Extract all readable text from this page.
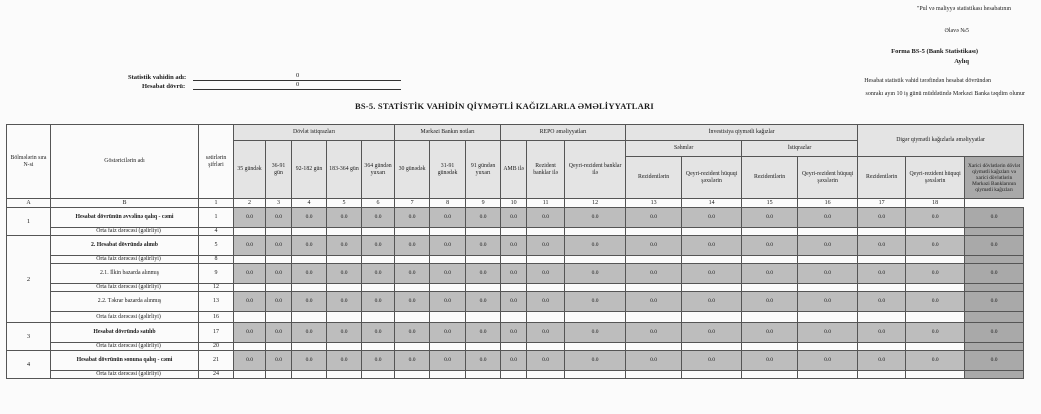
"Pul və maliyyə statistikası hesabatının
Əlavə №5
Forma BS-5 (Bank Statistikası)
Aylıq
Hesabat statistik vahid tərəfindən hesabat dövründən
sonrakı ayın 10 iş günü müddətində Mərkəzi Banka təqdim olunur
Statistik vahidin adı:
Hesabat dövrü:
0
0
BS-5. STATİSTİK VAHİDİN QİYMƏTLİ KAĞIZLARLA ƏMƏLİYYATLARI
Bölmələrin sıra N-si	Göstəricilərin adı	sətirlərin şifrləri	Dövlət istiqrazları					Mərkəzi Bankın notları			REPO əməliyyatları			İnvestisiya qiymətli kağızlar				Digər qiymətli kağızlarla əməliyyatlar		
			35 gündək	36-91 gün	92-182 gün	183-364 gün	364 gündən yuxarı	30 günədək	31-91 günədək	91 gündən yuxarı	AMB ilə	Rezident banklar ilə	Qeyri-rezident banklar ilə	Səhmlər		İstiqrazlar				
														Rezidentlərin	Qeyri-rezident hüquqi şəxslərin	Rezidentlərin	Qeyri-rezident hüquqi şəxslərin	Rezidentlərin	Qeyri-rezident hüquqi şəxslərin	Xarici dövlətlərin dövlət qiymətli kağızları və xarici dövlətlərin Mərkəzi Banklarının qiymətli kağızları
A	B	1	2	3	4	5	6	7	8	9	10	11	12	13	14	15	16	17	18	
1	Hesabat dövrünün əvvəlinə qalıq - cəmi	1	0.0	0.0	0.0	0.0	0.0	0.0	0.0	0.0	0.0	0.0	0.0	0.0	0.0	0.0	0.0	0.0	0.0	0.0
	Orta faiz dərəcəsi (gəlirliyi)	4																		
2	2. Hesabat dövründə alınıb	5	0.0	0.0	0.0	0.0	0.0	0.0	0.0	0.0	0.0	0.0	0.0	0.0	0.0	0.0	0.0	0.0	0.0	0.0
	Orta faiz dərəcəsi (gəlirliyi)	8																		
	2.1. İlkin bazarda alınmış	9	0.0	0.0	0.0	0.0	0.0	0.0	0.0	0.0	0.0	0.0	0.0	0.0	0.0	0.0	0.0	0.0	0.0	0.0
	Orta faiz dərəcəsi (gəlirliyi)	12																		
	2.2. Təkrar bazarda alınmış	13	0.0	0.0	0.0	0.0	0.0	0.0	0.0	0.0	0.0	0.0	0.0	0.0	0.0	0.0	0.0	0.0	0.0	0.0
	Orta faiz dərəcəsi (gəlirliyi)	16																		
3	Hesabat dövründə satılıb	17	0.0	0.0	0.0	0.0	0.0	0.0	0.0	0.0	0.0	0.0	0.0	0.0	0.0	0.0	0.0	0.0	0.0	0.0
	Orta faiz dərəcəsi (gəlirliyi)	20																		
4	Hesabat dövrünün sonuna qalıq - cəmi	21	0.0	0.0	0.0	0.0	0.0	0.0	0.0	0.0	0.0	0.0	0.0	0.0	0.0	0.0	0.0	0.0	0.0	0.0
	Orta faiz dərəcəsi (gəlirliyi)	24																		
